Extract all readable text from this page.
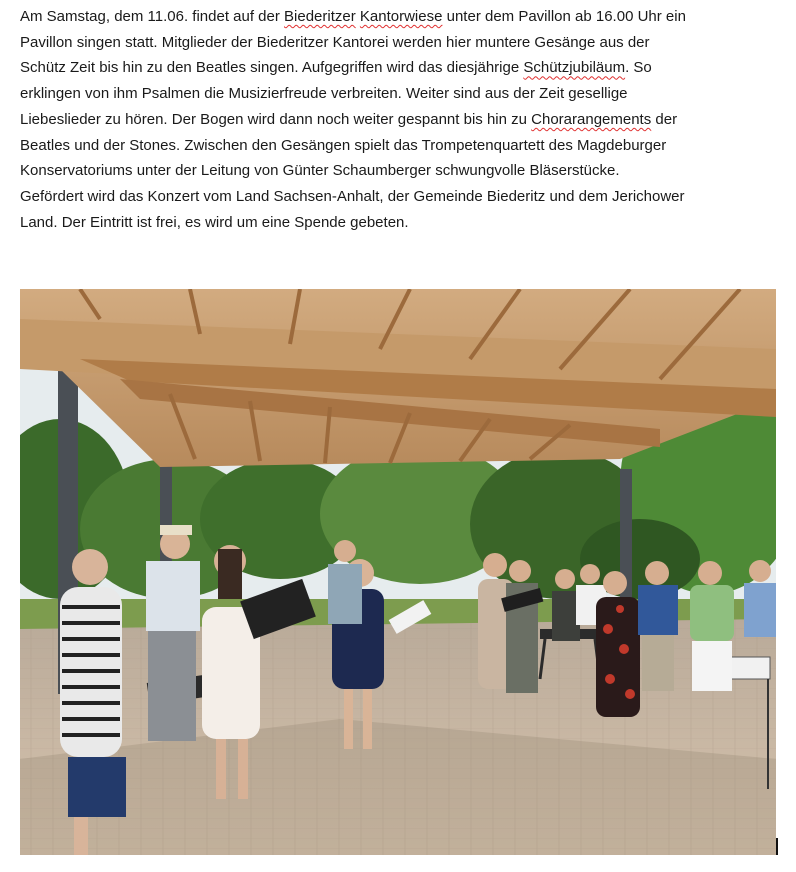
Am Samstag, dem 11.06. findet auf der Biederitzer Kantorwiese unter dem Pavillon ab 16.00 Uhr ein
Pavillon singen statt. Mitglieder der Biederitzer Kantorei werden hier muntere Gesänge aus der
Schütz Zeit bis hin zu den Beatles singen. Aufgegriffen wird das diesjährige Schützjubiläum. So
erklingen von ihm Psalmen die Musizierfreude verbreiten. Weiter sind aus der Zeit gesellige
Liebeslieder zu hören. Der Bogen wird dann noch weiter gespannt bis hin zu Chorarangements der
Beatles und der Stones. Zwischen den Gesängen spielt das Trompetenquartett des Magdeburger
Konservatoriums unter der Leitung von Günter Schaumberger schwungvolle Bläserstücke.
Gefördert wird das Konzert vom Land Sachsen-Anhalt, der Gemeinde Biederitz und dem Jerichower
Land. Der Eintritt ist frei, es wird um eine Spende gebeten.
